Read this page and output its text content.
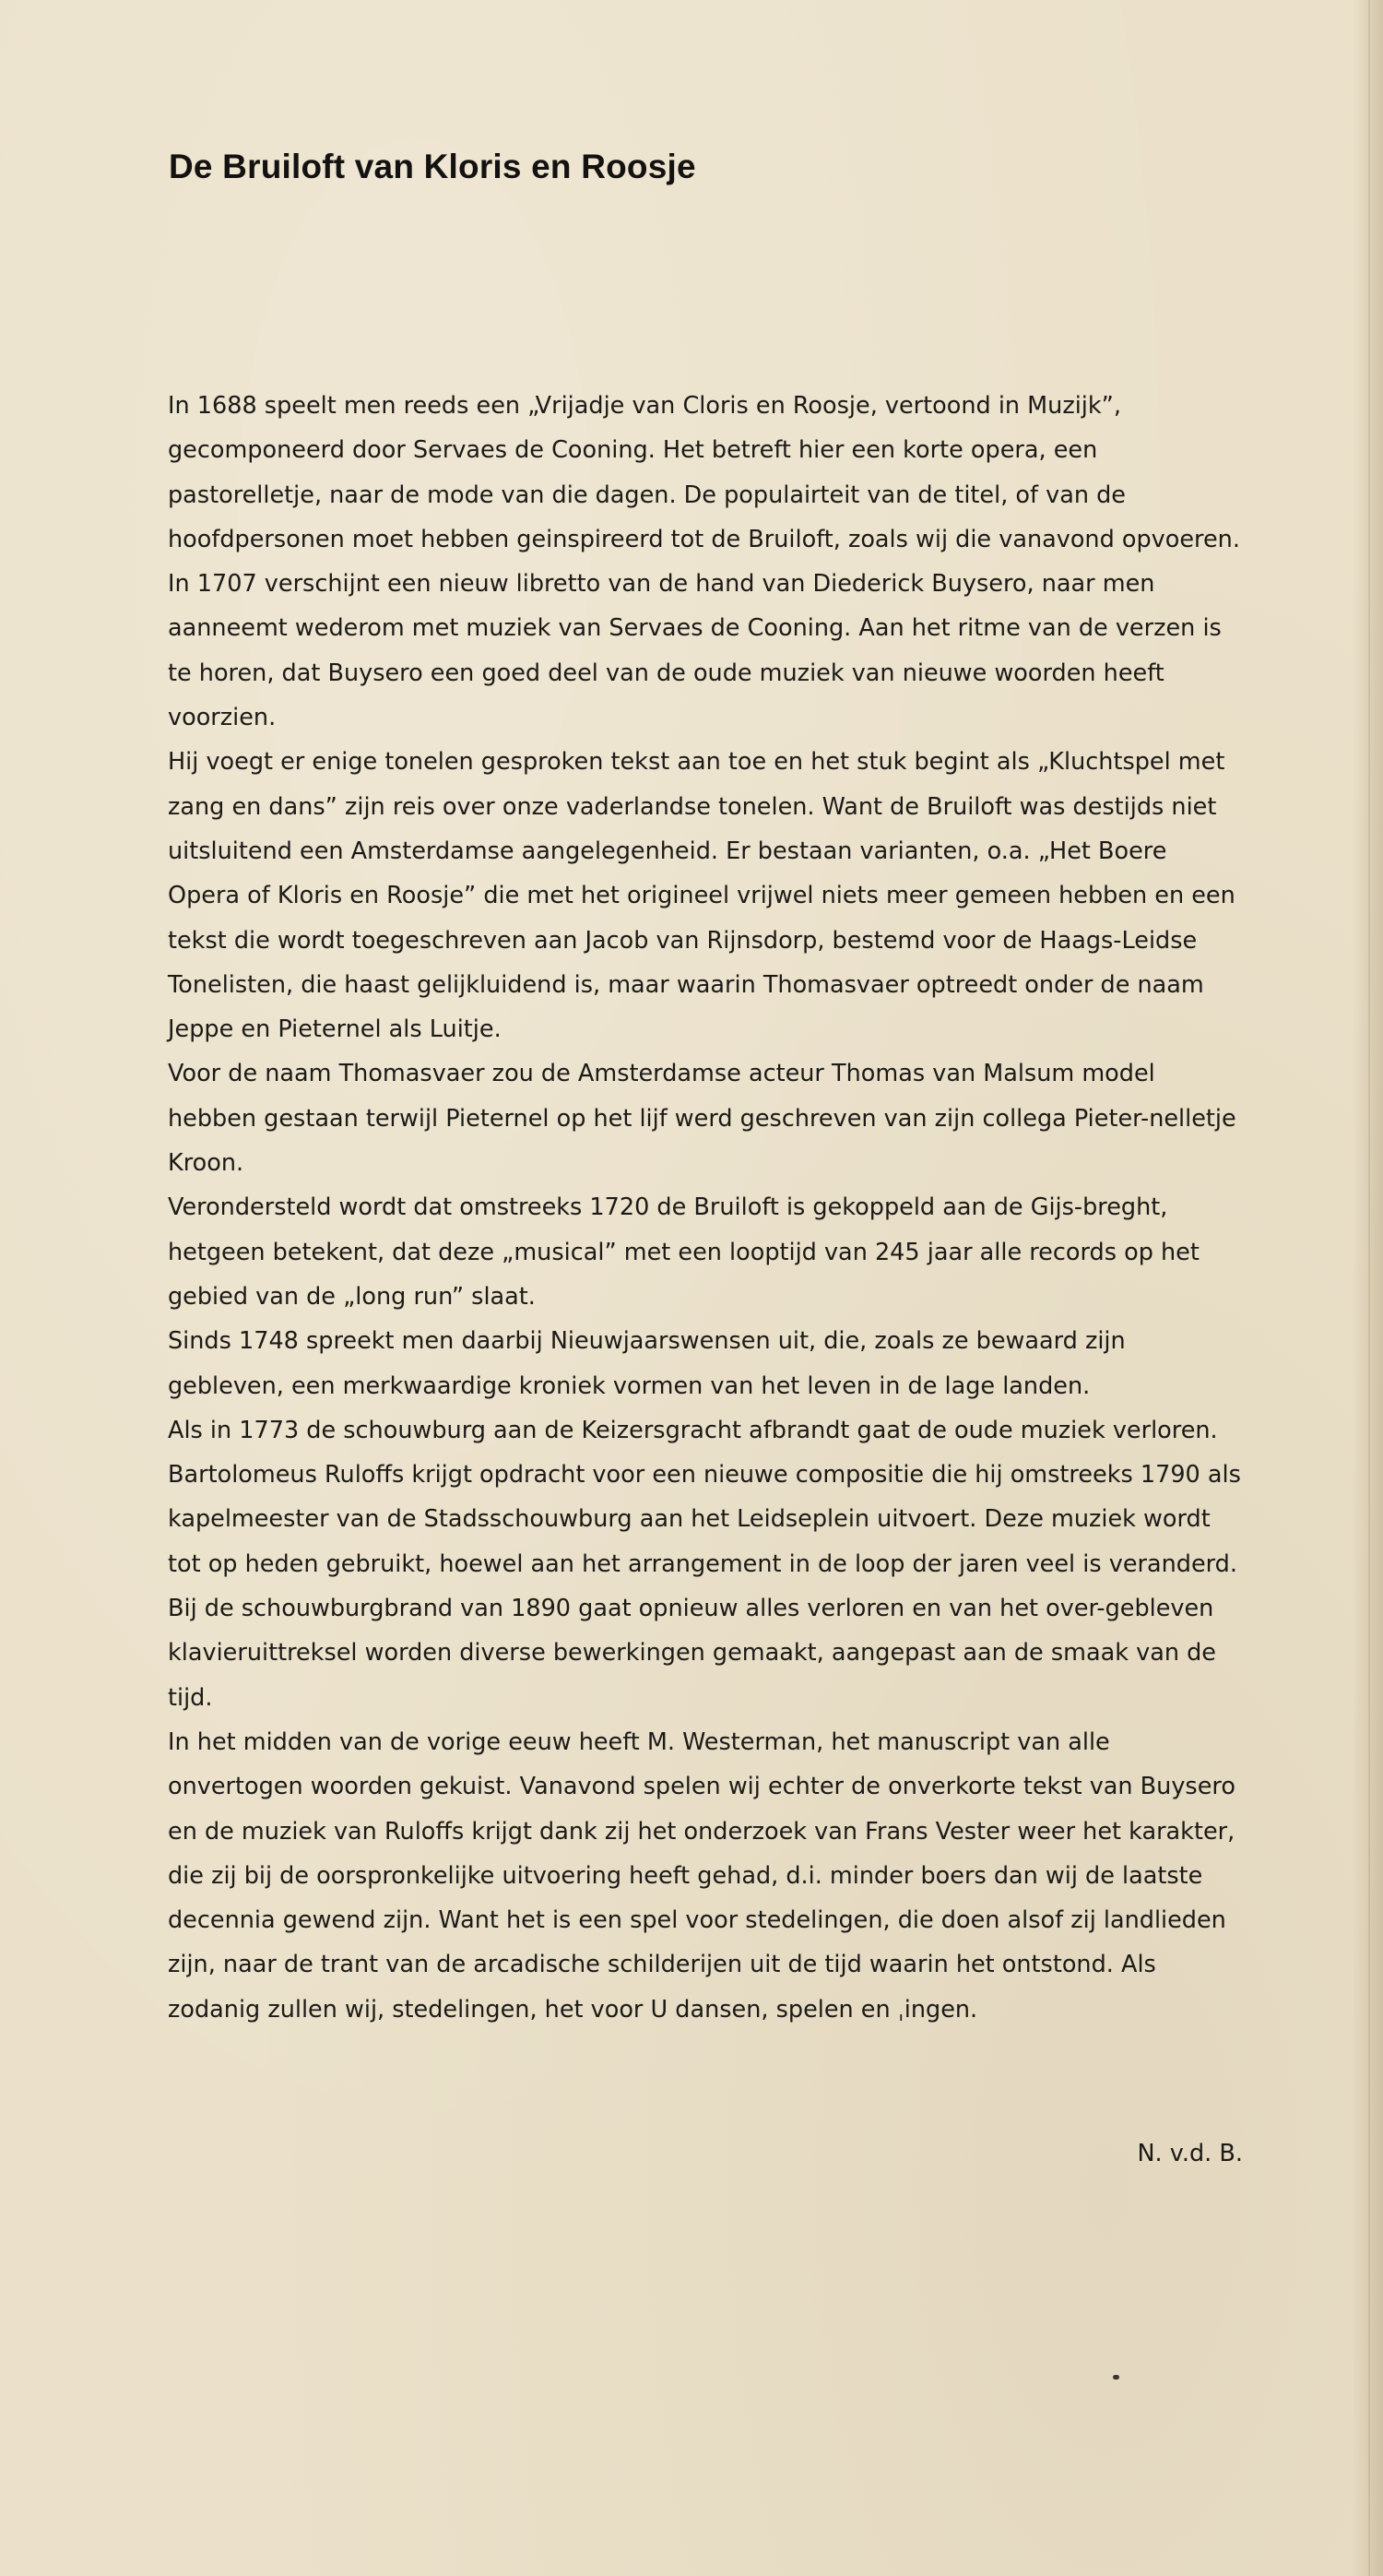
De Bruiloft van Kloris en Roosje

In 1688 speelt men reeds een „Vrijadje van Cloris en Roosje, vertoond in Muzijk”, gecomponeerd door Servaes de Cooning. Het betreft hier een korte opera, een pastorelletje, naar de mode van die dagen. De populairteit van de titel, of van de hoofdpersonen moet hebben geinspireerd tot de Bruiloft, zoals wij die vanavond opvoeren. In 1707 verschijnt een nieuw libretto van de hand van Diederick Buysero, naar men aanneemt wederom met muziek van Servaes de Cooning. Aan het ritme van de verzen is te horen, dat Buysero een goed deel van de oude muziek van nieuwe woorden heeft voorzien.

Hij voegt er enige tonelen gesproken tekst aan toe en het stuk begint als „Kluchtspel met zang en dans” zijn reis over onze vaderlandse tonelen. Want de Bruiloft was destijds niet uitsluitend een Amsterdamse aangelegenheid. Er bestaan varianten, o.a. „Het Boere Opera of Kloris en Roosje” die met het origineel vrijwel niets meer gemeen hebben en een tekst die wordt toegeschreven aan Jacob van Rijnsdorp, bestemd voor de Haags-Leidse Tonelisten, die haast gelijkluidend is, maar waarin Thomasvaer optreedt onder de naam Jeppe en Pieternel als Luitje.

Voor de naam Thomasvaer zou de Amsterdamse acteur Thomas van Malsum model hebben gestaan terwijl Pieternel op het lijf werd geschreven van zijn collega Pieter-nelletje Kroon.

Verondersteld wordt dat omstreeks 1720 de Bruiloft is gekoppeld aan de Gijs-breght, hetgeen betekent, dat deze „musical” met een looptijd van 245 jaar alle records op het gebied van de „long run” slaat.

Sinds 1748 spreekt men daarbij Nieuwjaarswensen uit, die, zoals ze bewaard zijn gebleven, een merkwaardige kroniek vormen van het leven in de lage landen.

Als in 1773 de schouwburg aan de Keizersgracht afbrandt gaat de oude muziek verloren. Bartolomeus Ruloffs krijgt opdracht voor een nieuwe compositie die hij omstreeks 1790 als kapelmeester van de Stadsschouwburg aan het Leidseplein uitvoert. Deze muziek wordt tot op heden gebruikt, hoewel aan het arrangement in de loop der jaren veel is veranderd.

Bij de schouwburgbrand van 1890 gaat opnieuw alles verloren en van het over-gebleven klavieruittreksel worden diverse bewerkingen gemaakt, aangepast aan de smaak van de tijd.

In het midden van de vorige eeuw heeft M. Westerman, het manuscript van alle onvertogen woorden gekuist. Vanavond spelen wij echter de onverkorte tekst van Buysero en de muziek van Ruloffs krijgt dank zij het onderzoek van Frans Vester weer het karakter, die zij bij de oorspronkelijke uitvoering heeft gehad, d.i. minder boers dan wij de laatste decennia gewend zijn. Want het is een spel voor stedelingen, die doen alsof zij landlieden zijn, naar de trant van de arcadische schilderijen uit de tijd waarin het ontstond. Als zodanig zullen wij, stedelingen, het voor U dansen, spelen en ˌingen.

N. v.d. B.
